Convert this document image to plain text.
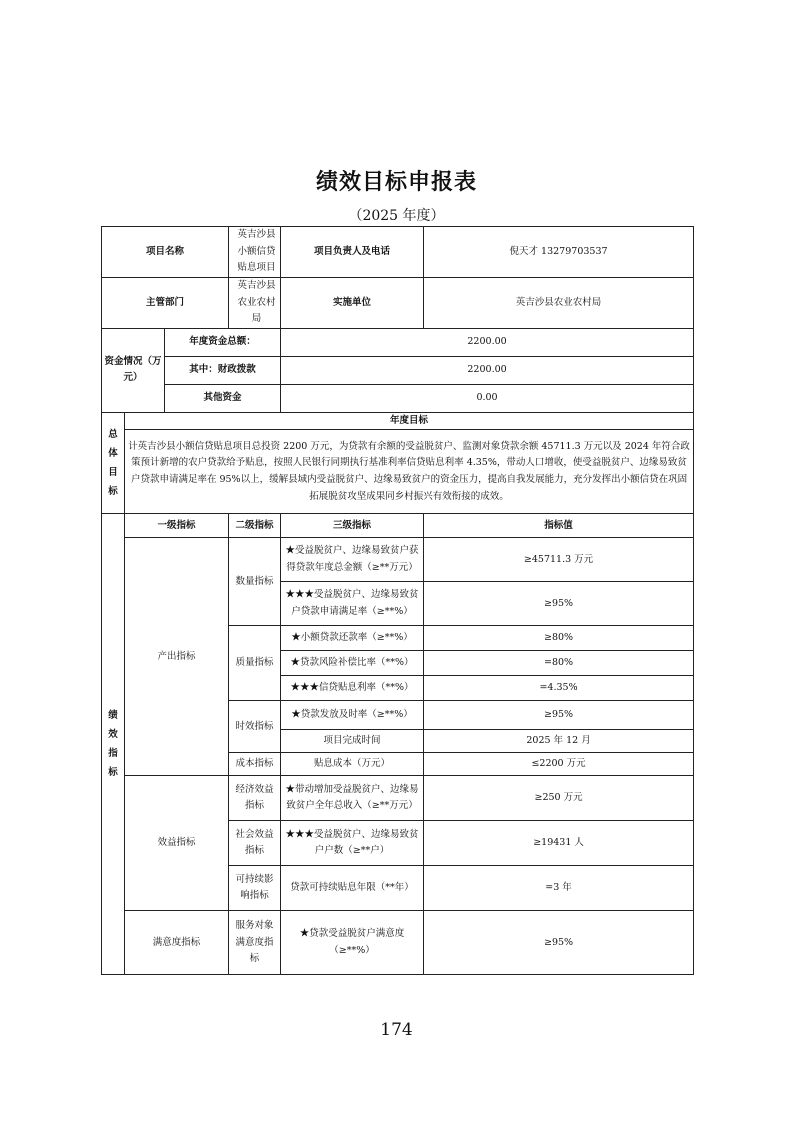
绩效目标申报表
（2025 年度）
项目名称			英吉沙县小额信贷贴息项目	项目负责人及电话	倪天才 13279703537
主管部门			英吉沙县农业农村局	实施单位	英吉沙县农业农村局
资金情况（万元）		年度资金总额：		2200.00	
		其中：财政拨款		2200.00	
		其他资金		0.00	

总体目标	年度目标				
	计英吉沙县小额信贷贴息项目总投资 2200 万元，为贷款有余额的受益脱贫户、监测对象贷款余额 45711.3 万元以及 2024 年符合政策预计新增的农户贷款给予贴息，按照人民银行同期执行基准利率信贷贴息利率 4.35%，带动人口增收，使受益脱贫户、边缘易致贫户贷款申请满足率在 95%以上，缓解县域内受益脱贫户、边缘易致贫户的资金压力，提高自我发展能力，充分发挥出小额信贷在巩固拓展脱贫攻坚成果同乡村振兴有效衔接的成效。				

绩效指标	一级指标		二级指标	三级指标	指标值
	产出指标		数量指标	★受益脱贫户、边缘易致贫户获得贷款年度总金额（≥**万元）	≥45711.3 万元
				★★★受益脱贫户、边缘易致贫户贷款申请满足率（≥**%）	≥95%
			质量指标	★小额贷款还款率（≥**%）	≥80%
				★贷款风险补偿比率（**%）	=80%
				★★★信贷贴息利率（**%）	=4.35%
			时效指标	★贷款发放及时率（≥**%）	≥95%
				项目完成时间	2025 年 12 月
			成本指标	贴息成本（万元）	≤2200 万元
	效益指标		经济效益指标	★带动增加受益脱贫户、边缘易致贫户全年总收入（≥**万元）	≥250 万元
			社会效益指标	★★★受益脱贫户、边缘易致贫户户数（≥**户）	≥19431 人
			可持续影响指标	贷款可持续贴息年限（**年）	=3 年
	满意度指标		服务对象满意度指标	★贷款受益脱贫户满意度（≥**%）	≥95%
174
